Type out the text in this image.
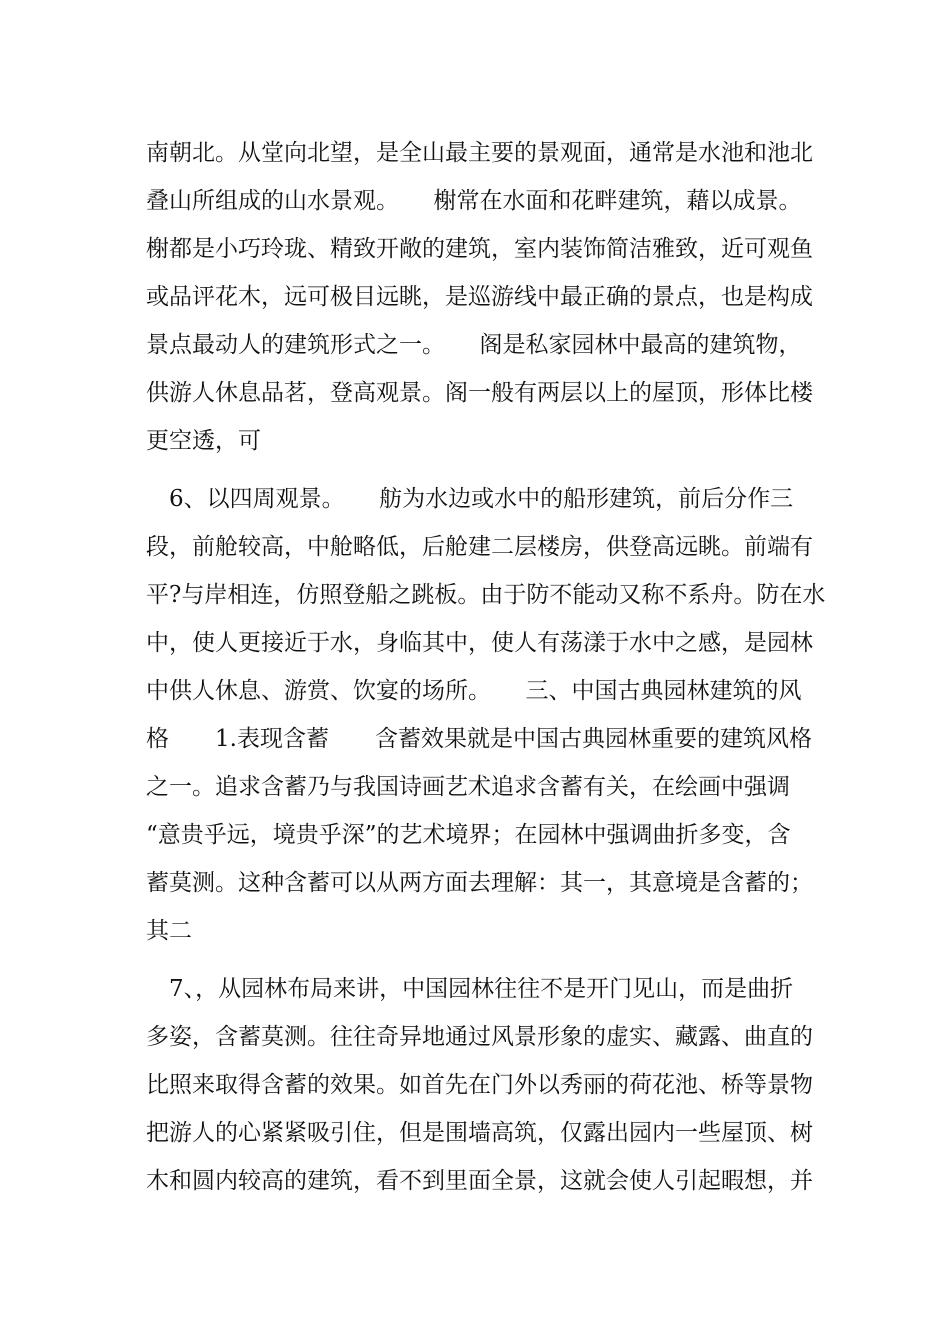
南朝北。从堂向北望，是全山最主要的景观面，通常是水池和池北
叠山所组成的山水景观。　　榭常在水面和花畔建筑，藉以成景。
榭都是小巧玲珑、精致开敞的建筑，室内装饰简洁雅致，近可观鱼
或品评花木，远可极目远眺，是巡游线中最正确的景点，也是构成
景点最动人的建筑形式之一。　　阁是私家园林中最高的建筑物，
供游人休息品茗，登高观景。阁一般有两层以上的屋顶，形体比楼
更空透，可
　6、以四周观景。　　舫为水边或水中的船形建筑，前后分作三
段，前舱较高，中舱略低，后舱建二层楼房，供登高远眺。前端有
平?与岸相连，仿照登船之跳板。由于防不能动又称不系舟。防在水
中，使人更接近于水，身临其中，使人有荡漾于水中之感，是园林
中供人休息、游赏、饮宴的场所。　　三、中国古典园林建筑的风
格　　1.表现含蓄　　含蓄效果就是中国古典园林重要的建筑风格
之一。追求含蓄乃与我国诗画艺术追求含蓄有关，在绘画中强调
“意贵乎远，境贵乎深”的艺术境界；在园林中强调曲折多变，含
蓄莫测。这种含蓄可以从两方面去理解：其一，其意境是含蓄的；
其二
　7、，从园林布局来讲，中国园林往往不是开门见山，而是曲折
多姿，含蓄莫测。往往奇异地通过风景形象的虚实、藏露、曲直的
比照来取得含蓄的效果。如首先在门外以秀丽的荷花池、桥等景物
把游人的心紧紧吸引住，但是围墙高筑，仅露出园内一些屋顶、树
木和圆内较高的建筑，看不到里面全景，这就会使人引起暇想，并
